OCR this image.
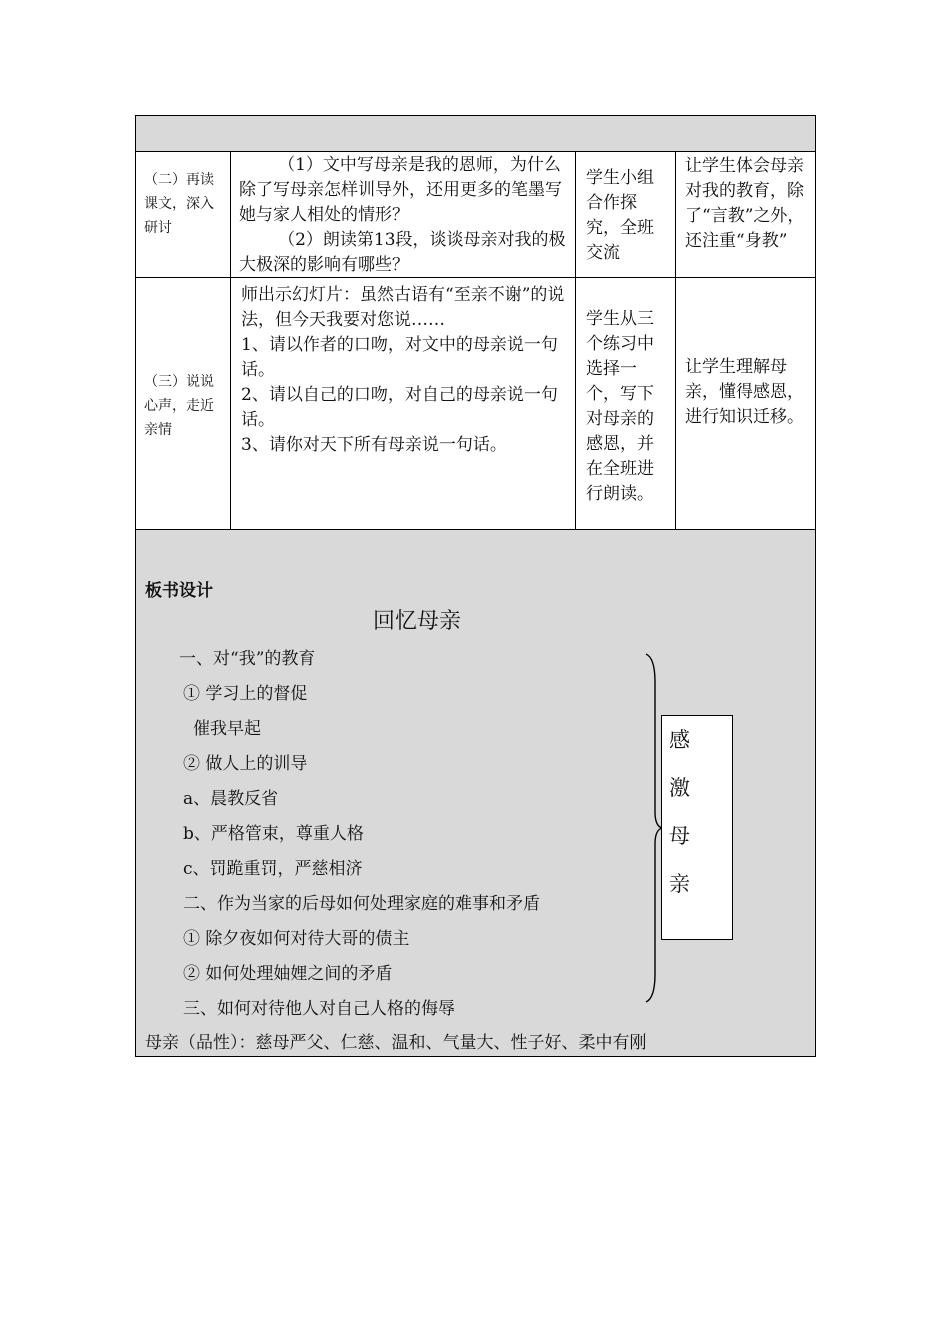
（二）再读课文，深入研讨
（1）文中写母亲是我的恩师，为什么除了写母亲怎样训导外，还用更多的笔墨写她与家人相处的情形？
（2）朗读第13段，谈谈母亲对我的极大极深的影响有哪些？
学生小组合作探究，全班交流
让学生体会母亲对我的教育，除了“言教”之外，还注重“身教”
（三）说说心声，走近亲情
师出示幻灯片：虽然古语有“至亲不谢”的说法，但今天我要对您说……
1、请以作者的口吻，对文中的母亲说一句话。
2、请以自己的口吻，对自己的母亲说一句话。
3、请你对天下所有母亲说一句话。
学生从三个练习中选择一个，写下对母亲的感恩，并在全班进行朗读。
让学生理解母亲，懂得感恩，进行知识迁移。
板书设计
回忆母亲
一、对“我”的教育
① 学习上的督促
催我早起
② 做人上的训导
a、晨教反省
b、严格管束，尊重人格
c、罚跪重罚，严慈相济
二、作为当家的后母如何处理家庭的难事和矛盾
① 除夕夜如何对待大哥的债主
② 如何处理妯娌之间的矛盾
三、如何对待他人对自己人格的侮辱
感
激
母
亲
母亲（品性）：慈母严父、仁慈、温和、气量大、性子好、柔中有刚
